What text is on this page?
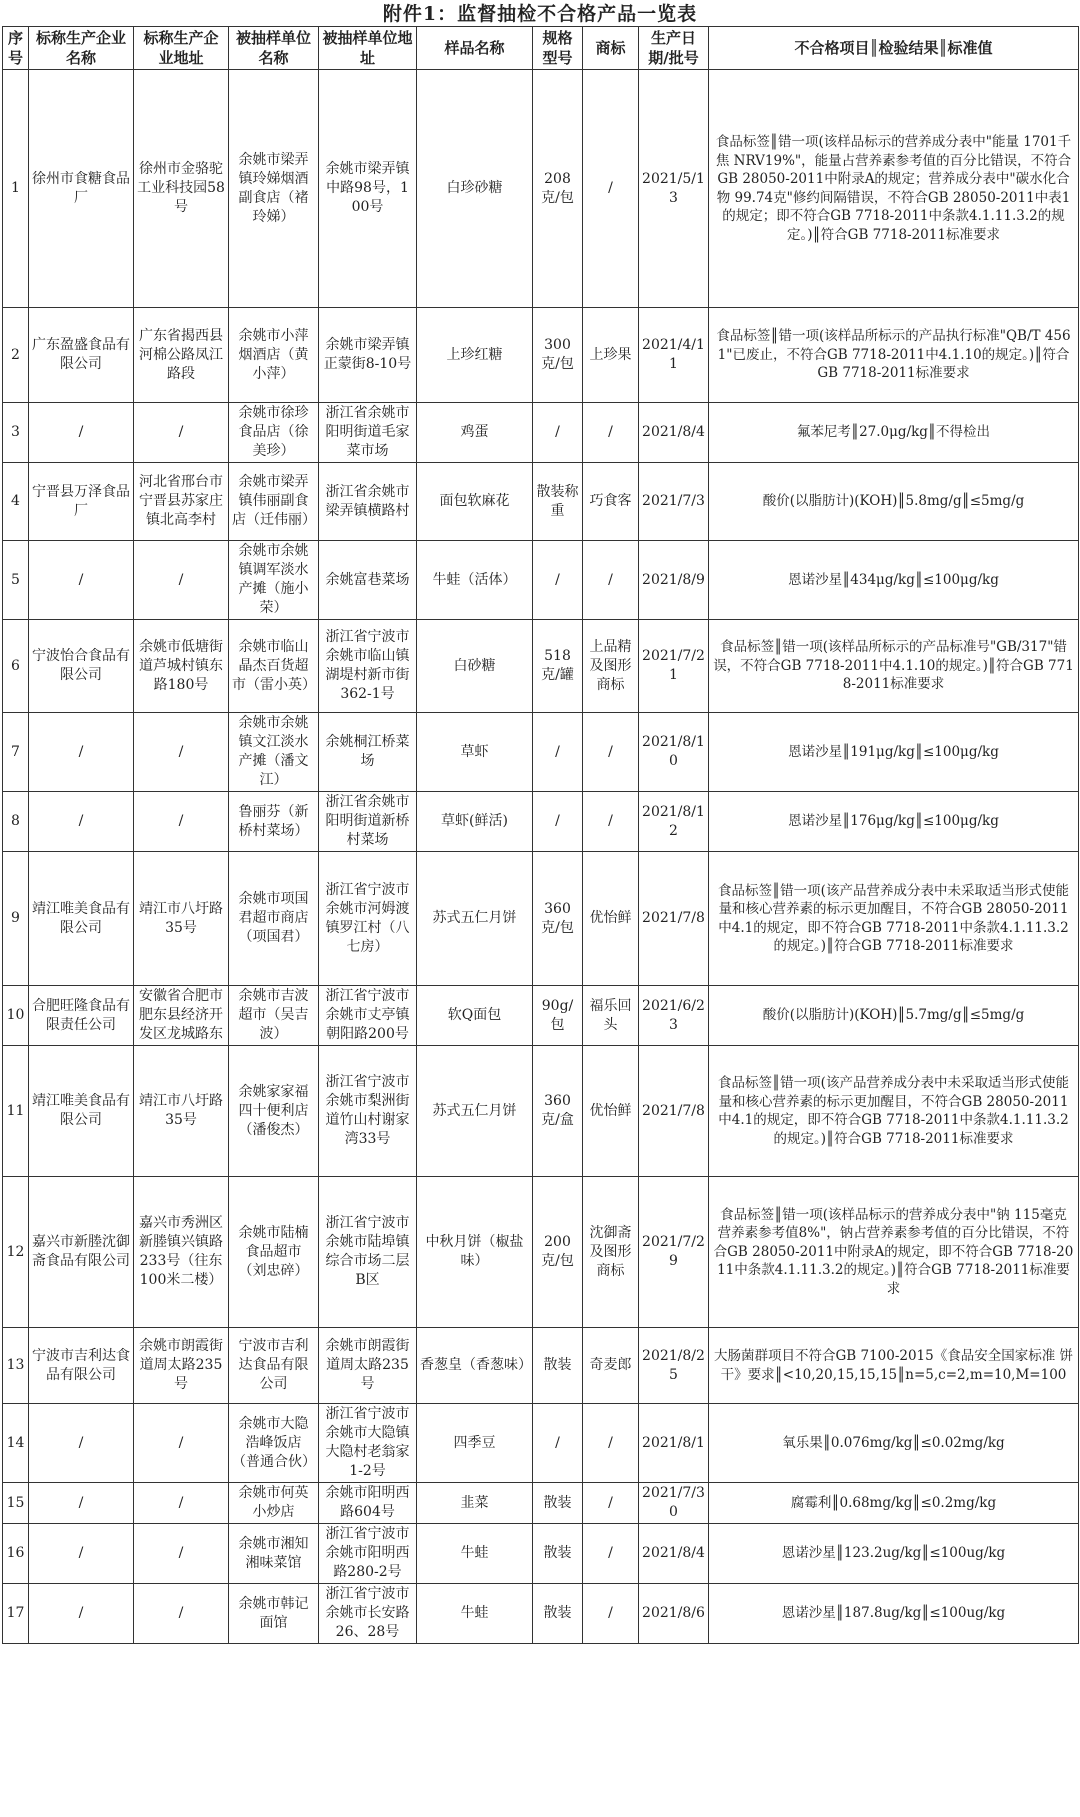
附件1：监督抽检不合格产品一览表
序号	标称生产企业名称	标称生产企业地址	被抽样单位名称	被抽样单位地址	样品名称	规格型号	商标	生产日期/批号	不合格项目║检验结果║标准值
1	徐州市食糖食品厂	徐州市金骆驼工业科技园58号	余姚市梁弄镇玲娣烟酒副食店（褚玲娣）	余姚市梁弄镇中路98号，100号	白珍砂糖	208克/包	/	2021/5/13	食品标签║错一项(该样品标示的营养成分表中"能量 1701千焦 NRV19%"，能量占营养素参考值的百分比错误，不符合GB 28050-2011中附录A的规定；营养成分表中"碳水化合物 99.74克"修约间隔错误，不符合GB 28050-2011中表1的规定；即不符合GB 7718-2011中条款4.1.11.3.2的规定。)║符合GB 7718-2011标准要求
2	广东盈盛食品有限公司	广东省揭西县河棉公路凤江路段	余姚市小萍烟酒店（黄小萍）	余姚市梁弄镇正蒙街8-10号	上珍红糖	300克/包	上珍果	2021/4/11	食品标签║错一项(该样品所标示的产品执行标准"QB/T 4561"已废止，不符合GB 7718-2011中4.1.10的规定。)║符合GB 7718-2011标准要求
3	/	/	余姚市徐珍食品店（徐美珍）	浙江省余姚市阳明街道毛家菜市场	鸡蛋	/	/	2021/8/4	氟苯尼考║27.0μg/kg║不得检出
4	宁晋县万泽食品厂	河北省邢台市宁晋县苏家庄镇北高李村	余姚市梁弄镇伟丽副食店（迁伟丽）	浙江省余姚市梁弄镇横路村	面包软麻花	散装称重	巧食客	2021/7/3	酸价(以脂肪计)(KOH)║5.8mg/g║≤5mg/g
5	/	/	余姚市余姚镇调军淡水产摊（施小荣）	余姚富巷菜场	牛蛙（活体）	/	/	2021/8/9	恩诺沙星║434μg/kg║≤100μg/kg
6	宁波怡合食品有限公司	余姚市低塘街道芦城村镇东路180号	余姚市临山晶杰百货超市（雷小英）	浙江省宁波市余姚市临山镇湖堤村新市街362-1号	白砂糖	518克/罐	上品精及图形商标	2021/7/21	食品标签║错一项(该样品所标示的产品标准号"GB/317"错误，不符合GB 7718-2011中4.1.10的规定。)║符合GB 7718-2011标准要求
7	/	/	余姚市余姚镇文江淡水产摊（潘文江）	余姚桐江桥菜场	草虾	/	/	2021/8/10	恩诺沙星║191μg/kg║≤100μg/kg
8	/	/	鲁丽芬（新桥村菜场）	浙江省余姚市阳明街道新桥村菜场	草虾(鲜活)	/	/	2021/8/12	恩诺沙星║176μg/kg║≤100μg/kg
9	靖江唯美食品有限公司	靖江市八圩路35号	余姚市项国君超市商店（项国君）	浙江省宁波市余姚市河姆渡镇罗江村（八七房）	苏式五仁月饼	360克/包	优怡鲜	2021/7/8	食品标签║错一项(该产品营养成分表中未采取适当形式使能量和核心营养素的标示更加醒目，不符合GB 28050-2011中4.1的规定，即不符合GB 7718-2011中条款4.1.11.3.2的规定。)║符合GB 7718-2011标准要求
10	合肥旺隆食品有限责任公司	安徽省合肥市肥东县经济开发区龙城路东	余姚市吉波超市（吴吉波）	浙江省宁波市余姚市丈亭镇朝阳路200号	软Q面包	90g/包	福乐回头	2021/6/23	酸价(以脂肪计)(KOH)║5.7mg/g║≤5mg/g
11	靖江唯美食品有限公司	靖江市八圩路35号	余姚家家福四十便利店（潘俊杰）	浙江省宁波市余姚市梨洲街道竹山村谢家湾33号	苏式五仁月饼	360克/盒	优怡鲜	2021/7/8	食品标签║错一项(该产品营养成分表中未采取适当形式使能量和核心营养素的标示更加醒目，不符合GB 28050-2011中4.1的规定，即不符合GB 7718-2011中条款4.1.11.3.2的规定。)║符合GB 7718-2011标准要求
12	嘉兴市新塍沈御斋食品有限公司	嘉兴市秀洲区新塍镇兴镇路233号（往东100米二楼）	余姚市陆楠食品超市（刘忠碎）	浙江省宁波市余姚市陆埠镇综合市场二层B区	中秋月饼（椒盐味）	200克/包	沈御斋及图形商标	2021/7/29	食品标签║错一项(该样品标示的营养成分表中"钠 115毫克 营养素参考值8%"，钠占营养素参考值的百分比错误，不符合GB 28050-2011中附录A的规定，即不符合GB 7718-2011中条款4.1.11.3.2的规定。)║符合GB 7718-2011标准要求
13	宁波市吉利达食品有限公司	余姚市朗霞街道周太路235号	宁波市吉利达食品有限公司	余姚市朗霞街道周太路235号	香葱皇（香葱味）	散装	奇麦郎	2021/8/25	大肠菌群项目不符合GB 7100-2015《食品安全国家标准 饼干》要求║<10,20,15,15,15║n=5,c=2,m=10,M=100
14	/	/	余姚市大隐浩峰饭店（普通合伙）	浙江省宁波市余姚市大隐镇大隐村老翁家1-2号	四季豆	/	/	2021/8/1	氧乐果║0.076mg/kg║≤0.02mg/kg
15	/	/	余姚市何英小炒店	余姚市阳明西路604号	韭菜	散装	/	2021/7/30	腐霉利║0.68mg/kg║≤0.2mg/kg
16	/	/	余姚市湘知湘味菜馆	浙江省宁波市余姚市阳明西路280-2号	牛蛙	散装	/	2021/8/4	恩诺沙星║123.2ug/kg║≤100ug/kg
17	/	/	余姚市韩记面馆	浙江省宁波市余姚市长安路26、28号	牛蛙	散装	/	2021/8/6	恩诺沙星║187.8ug/kg║≤100ug/kg
